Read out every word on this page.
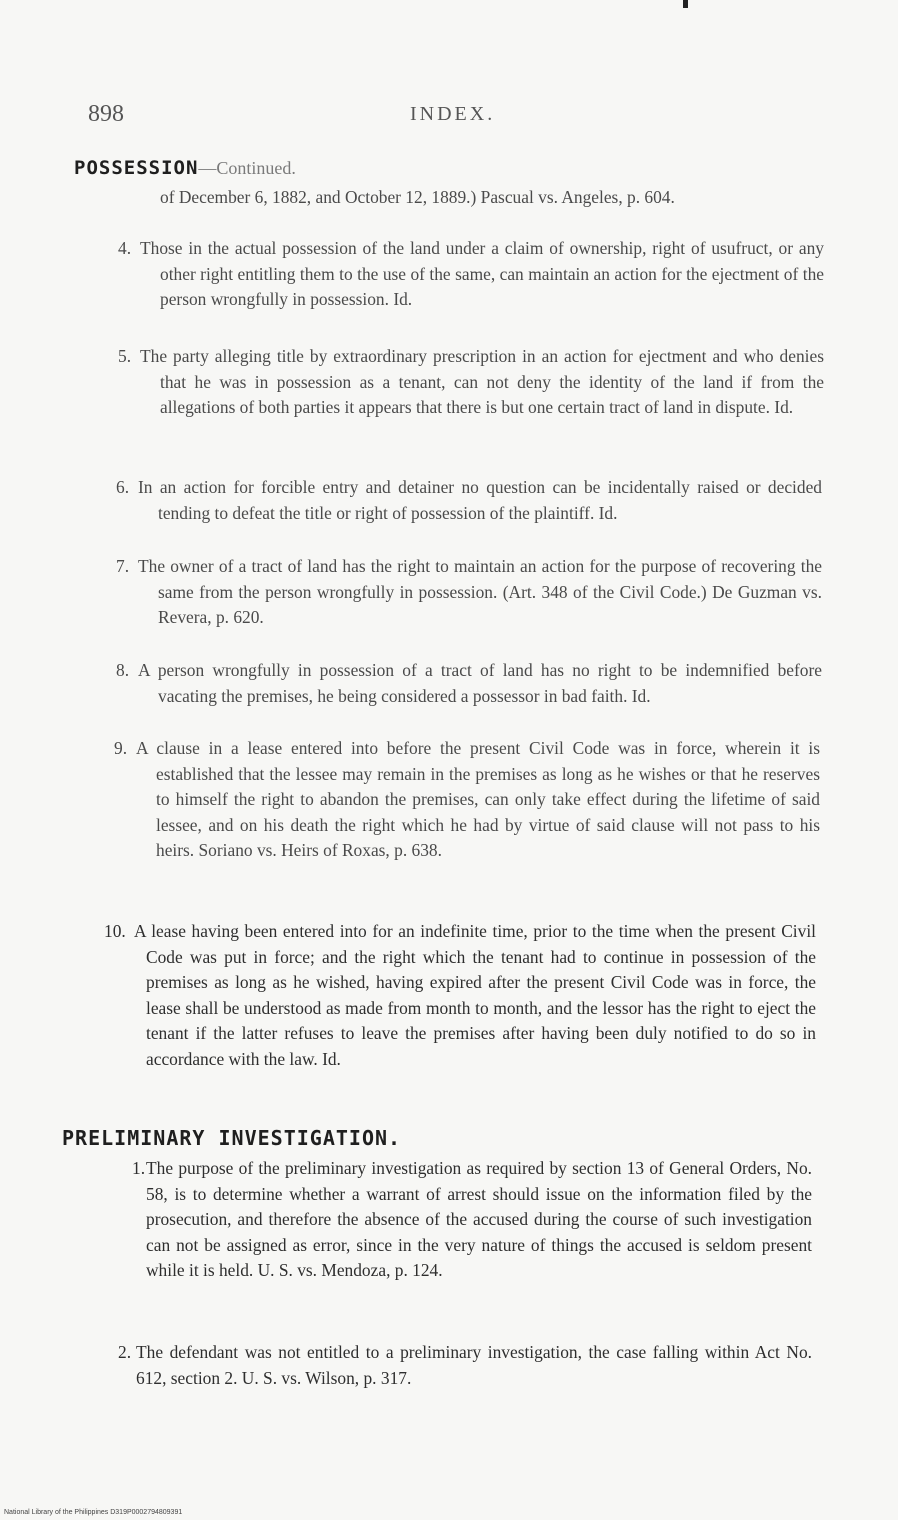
898	INDEX.
POSSESSION—Continued.
of December 6, 1882, and October 12, 1889.) Pascual vs. Angeles, p. 604.
4. Those in the actual possession of the land under a claim of ownership, right of usufruct, or any other right entitling them to the use of the same, can maintain an action for the ejectment of the person wrongfully in possession. Id.
5. The party alleging title by extraordinary prescription in an action for ejectment and who denies that he was in possession as a tenant, can not deny the identity of the land if from the allegations of both parties it appears that there is but one certain tract of land in dispute. Id.
6. In an action for forcible entry and detainer no question can be incidentally raised or decided tending to defeat the title or right of possession of the plaintiff. Id.
7. The owner of a tract of land has the right to maintain an action for the purpose of recovering the same from the person wrongfully in possession. (Art. 348 of the Civil Code.) De Guzman vs. Revera, p. 620.
8. A person wrongfully in possession of a tract of land has no right to be indemnified before vacating the premises, he being considered a possessor in bad faith. Id.
9. A clause in a lease entered into before the present Civil Code was in force, wherein it is established that the lessee may remain in the premises as long as he wishes or that he reserves to himself the right to abandon the premises, can only take effect during the lifetime of said lessee, and on his death the right which he had by virtue of said clause will not pass to his heirs. Soriano vs. Heirs of Roxas, p. 638.
10. A lease having been entered into for an indefinite time, prior to the time when the present Civil Code was put in force; and the right which the tenant had to continue in possession of the premises as long as he wished, having expired after the present Civil Code was in force, the lease shall be understood as made from month to month, and the lessor has the right to eject the tenant if the latter refuses to leave the premises after having been duly notified to do so in accordance with the law. Id.
PRELIMINARY INVESTIGATION.
1. The purpose of the preliminary investigation as required by section 13 of General Orders, No. 58, is to determine whether a warrant of arrest should issue on the information filed by the prosecution, and therefore the absence of the accused during the course of such investigation can not be assigned as error, since in the very nature of things the accused is seldom present while it is held. U. S. vs. Mendoza, p. 124.
2. The defendant was not entitled to a preliminary investigation, the case falling within Act No. 612, section 2. U. S. vs. Wilson, p. 317.
National Library of the Philippines D319P0002794809391
